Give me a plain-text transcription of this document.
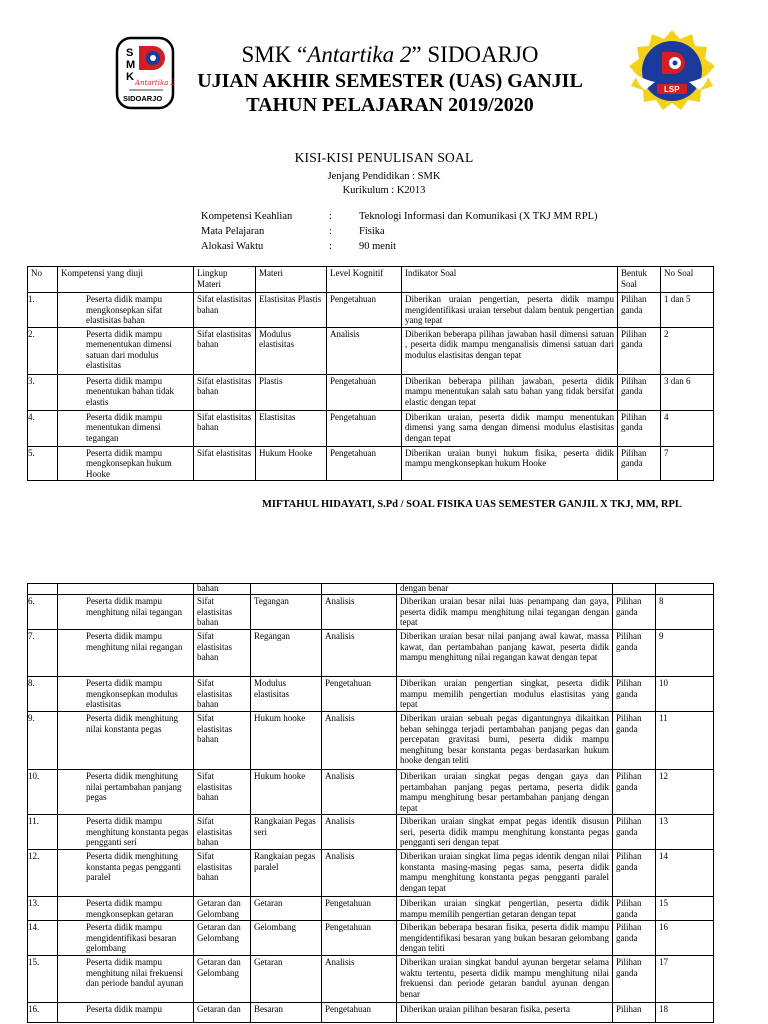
S
M
K Antartika 2
SIDOARJO
LSP
SMK “Antartika 2” SIDOARJO
UJIAN AKHIR SEMESTER (UAS) GANJIL
TAHUN PELAJARAN 2019/2020
KISI-KISI PENULISAN SOAL
Jenjang Pendidikan : SMK
Kurikulum : K2013
Kompetensi Keahlian	:	Teknologi Informasi dan Komunikasi (X TKJ MM RPL)
Mata Pelajaran	:	Fisika
Alokasi Waktu	:	90 menit
No	Kompetensi yang diuji	Lingkup Materi	Materi	Level Kognitif	Indikator Soal	Bentuk Soal	No Soal
1.	Peserta didik mampu mengkonsepkan sifat elastisitas bahan	Sifat elastisitas bahan	Elastisitas Plastis	Pengetahuan	Diberikan uraian pengertian, peserta didik mampu mengidentifikasi uraian tersebut dalam bentuk pengertian yang tepat	Pilihan ganda	1 dan 5
2.	Peserta didik mampu memenentukan dimensi satuan dari modulus elastisitas	Sifat elastisitas bahan	Modulus elastisitas	Analisis	Diberikan beberapa pilihan jawaban hasil dimensi satuan , peserta didik mampu menganalisis dimensi satuan dari modulus elastisitas dengan tepat	Pilihan ganda	2
3.	Peserta didik mampu menentukan bahan tidak elastis	Sifat elastisitas bahan	Plastis	Pengetahuan	Diberikan beberapa pilihan jawaban, peserta didik mampu menentukan salah satu bahan yang tidak bersifat elastic dengan tepat	Pilihan ganda	3 dan 6
4.	Peserta didik mampu menentukan dimensi tegangan	Sifat elastisitas bahan	Elastisitas	Pengetahuan	Diberikan uraian, peserta didik mampu menentukan dimensi yang sama dengan dimensi modulus elastisitas dengan tepat	Pilihan ganda	4
5.	Peserta didik mampu mengkonsepkan hukum Hooke	Sifat elastisitas	Hukum Hooke	Pengetahuan	Diberikan uraian bunyi hukum fisika, peserta didik mampu mengkonsepkan hukum Hooke	Pilihan ganda	7
MIFTAHUL HIDAYATI, S.Pd / SOAL FISIKA UAS SEMESTER GANJIL X TKJ, MM, RPL
		bahan			dengan benar		
6.	Peserta didik mampu menghitung nilai tegangan	Sifat elastisitas bahan	Tegangan	Analisis	Diberikan uraian besar nilai luas penampang dan gaya, peserta didik mampu menghitung nilai tegangan dengan tepat	Pilihan ganda	8
7.	Peserta didik mampu menghitung nilai regangan	Sifat elastisitas bahan	Regangan	Analisis	Diberikan uraian besar nilai panjang awal kawat, massa kawat, dan pertambahan panjang kawat, peserta didik mampu menghitung nilai regangan kawat dengan tepat	Pilihan ganda	9
8.	Peserta didik mampu mengkonsepkan modulus elastisitas	Sifat elastisitas bahan	Modulus elastisitas	Pengetahuan	Diberikan uraian pengertian singkat, peserta didik mampu memilih pengertian modulus elastisitas yang tepat	Pilihan ganda	10
9.	Peserta didik menghitung nilai konstanta pegas	Sifat elastisitas bahan	Hukum hooke	Analisis	Diberikan uraian sebuah pegas digantungnya dikaitkan beban sehingga terjadi pertambahan panjang pegas dan percepatan gravitasi bumi, peserta didik mampu menghitung besar konstanta pegas berdasarkan hukum hooke dengan teliti	Pilihan ganda	11
10.	Peserta didik menghitung nilai pertambahan panjang pegas	Sifat elastisitas bahan	Hukum hooke	Analisis	Diberikan uraian singkat pegas dengan gaya dan pertambahan panjang pegas pertama, peserta didik mampu menghitung besar pertambahan panjang dengan tepat	Pilihan ganda	12
11.	Peserta didik mampu menghitung konstanta pegas pengganti seri	Sifat elastisitas bahan	Rangkaian Pegas seri	Analisis	Diberikan uraian singkat empat pegas identik disusun seri, peserta didik mampu menghitung konstanta pegas pengganti seri dengan tepat	Pilihan ganda	13
12.	Peserta didik menghitung konstanta pegas pengganti paralel	Sifat elastisitas bahan	Rangkaian pegas paralel	Analisis	Diberikan uraian singkat lima pegas identik dengan nilai konstanta masing-masing pegas sama, peserta didik mampu menghitung konstanta pegas pengganti paralel dengan tepat	Pilihan ganda	14
13.	Peserta didik mampu mengkonsepkan getaran	Getaran dan Gelombang	Getaran	Pengetahuan	Diberikan uraian singkat pengertian, peserta didik mampu memilih pengertian getaran dengan tepat	Pilihan ganda	15
14.	Peserta didik mampu mengidentifikasi besaran gelombang	Getaran dan Gelombang	Gelombang	Pengetahuan	Diberikan beberapa besaran fisika, peserta didik mampu mengidentifikasi besaran yang bukan besaran gelombang dengan teliti	Pilihan ganda	16
15.	Peserta didik mampu menghitung nilai frekuensi dan periode bandul ayunan	Getaran dan Gelombang	Getaran	Analisis	Diberikan uraian singkat bandul ayunan bergetar selama waktu tertentu, peserta didik mampu menghitung nilai frekuensi dan periode getaran bandul ayunan dengan benar	Pilihan ganda	17
16.	Peserta didik mampu	Getaran dan	Besaran	Pengetahuan	Diberikan uraian pilihan besaran fisika, peserta	Pilihan	18
